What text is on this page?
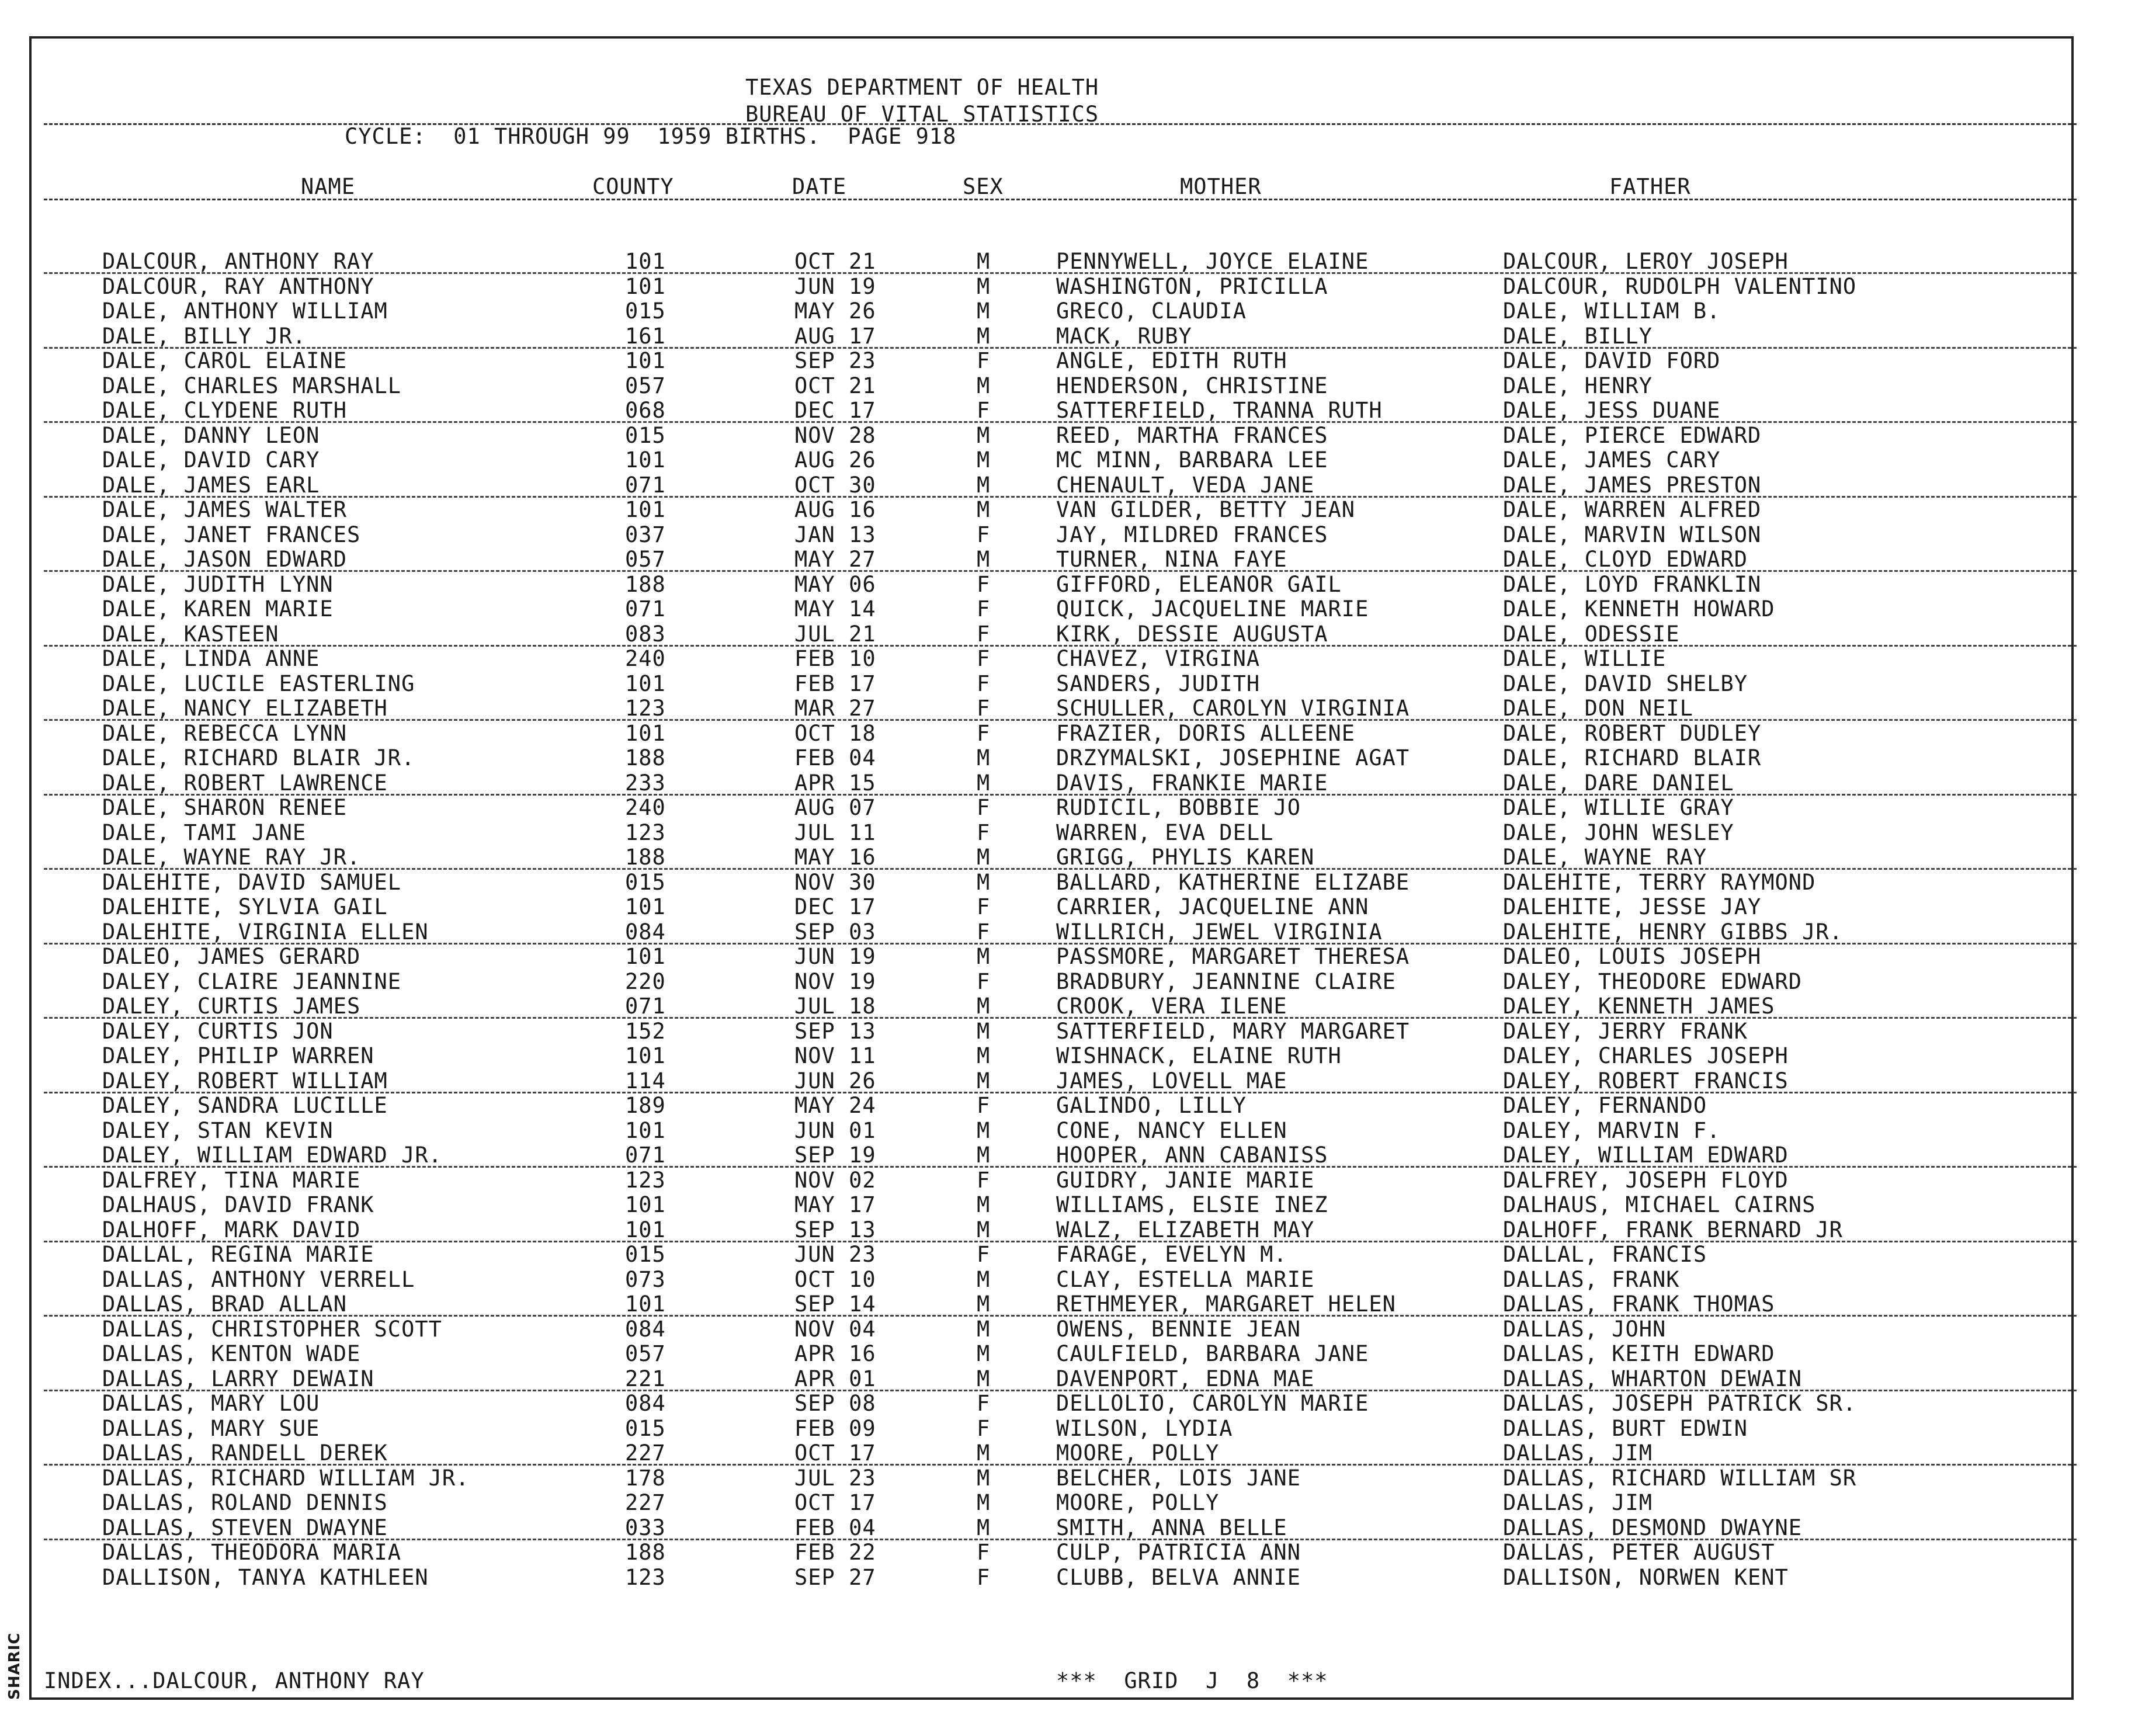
TEXAS DEPARTMENT OF HEALTH
BUREAU OF VITAL STATISTICS
CYCLE:  01 THROUGH 99  1959 BIRTHS.  PAGE 918
NAME	COUNTY	DATE	SEX	MOTHER	FATHER
DALCOUR, ANTHONY RAY	101	OCT 21	M	PENNYWELL, JOYCE ELAINE	DALCOUR, LEROY JOSEPH
DALCOUR, RAY ANTHONY	101	JUN 19	M	WASHINGTON, PRICILLA	DALCOUR, RUDOLPH VALENTINO
DALE, ANTHONY WILLIAM	015	MAY 26	M	GRECO, CLAUDIA	DALE, WILLIAM B.
DALE, BILLY JR.	161	AUG 17	M	MACK, RUBY	DALE, BILLY
DALE, CAROL ELAINE	101	SEP 23	F	ANGLE, EDITH RUTH	DALE, DAVID FORD
DALE, CHARLES MARSHALL	057	OCT 21	M	HENDERSON, CHRISTINE	DALE, HENRY
DALE, CLYDENE RUTH	068	DEC 17	F	SATTERFIELD, TRANNA RUTH	DALE, JESS DUANE
DALE, DANNY LEON	015	NOV 28	M	REED, MARTHA FRANCES	DALE, PIERCE EDWARD
DALE, DAVID CARY	101	AUG 26	M	MC MINN, BARBARA LEE	DALE, JAMES CARY
DALE, JAMES EARL	071	OCT 30	M	CHENAULT, VEDA JANE	DALE, JAMES PRESTON
DALE, JAMES WALTER	101	AUG 16	M	VAN GILDER, BETTY JEAN	DALE, WARREN ALFRED
DALE, JANET FRANCES	037	JAN 13	F	JAY, MILDRED FRANCES	DALE, MARVIN WILSON
DALE, JASON EDWARD	057	MAY 27	M	TURNER, NINA FAYE	DALE, CLOYD EDWARD
DALE, JUDITH LYNN	188	MAY 06	F	GIFFORD, ELEANOR GAIL	DALE, LOYD FRANKLIN
DALE, KAREN MARIE	071	MAY 14	F	QUICK, JACQUELINE MARIE	DALE, KENNETH HOWARD
DALE, KASTEEN	083	JUL 21	F	KIRK, DESSIE AUGUSTA	DALE, ODESSIE
DALE, LINDA ANNE	240	FEB 10	F	CHAVEZ, VIRGINA	DALE, WILLIE
DALE, LUCILE EASTERLING	101	FEB 17	F	SANDERS, JUDITH	DALE, DAVID SHELBY
DALE, NANCY ELIZABETH	123	MAR 27	F	SCHULLER, CAROLYN VIRGINIA	DALE, DON NEIL
DALE, REBECCA LYNN	101	OCT 18	F	FRAZIER, DORIS ALLEENE	DALE, ROBERT DUDLEY
DALE, RICHARD BLAIR JR.	188	FEB 04	M	DRZYMALSKI, JOSEPHINE AGAT	DALE, RICHARD BLAIR
DALE, ROBERT LAWRENCE	233	APR 15	M	DAVIS, FRANKIE MARIE	DALE, DARE DANIEL
DALE, SHARON RENEE	240	AUG 07	F	RUDICIL, BOBBIE JO	DALE, WILLIE GRAY
DALE, TAMI JANE	123	JUL 11	F	WARREN, EVA DELL	DALE, JOHN WESLEY
DALE, WAYNE RAY JR.	188	MAY 16	M	GRIGG, PHYLIS KAREN	DALE, WAYNE RAY
DALEHITE, DAVID SAMUEL	015	NOV 30	M	BALLARD, KATHERINE ELIZABE	DALEHITE, TERRY RAYMOND
DALEHITE, SYLVIA GAIL	101	DEC 17	F	CARRIER, JACQUELINE ANN	DALEHITE, JESSE JAY
DALEHITE, VIRGINIA ELLEN	084	SEP 03	F	WILLRICH, JEWEL VIRGINIA	DALEHITE, HENRY GIBBS JR.
DALEO, JAMES GERARD	101	JUN 19	M	PASSMORE, MARGARET THERESA	DALEO, LOUIS JOSEPH
DALEY, CLAIRE JEANNINE	220	NOV 19	F	BRADBURY, JEANNINE CLAIRE	DALEY, THEODORE EDWARD
DALEY, CURTIS JAMES	071	JUL 18	M	CROOK, VERA ILENE	DALEY, KENNETH JAMES
DALEY, CURTIS JON	152	SEP 13	M	SATTERFIELD, MARY MARGARET	DALEY, JERRY FRANK
DALEY, PHILIP WARREN	101	NOV 11	M	WISHNACK, ELAINE RUTH	DALEY, CHARLES JOSEPH
DALEY, ROBERT WILLIAM	114	JUN 26	M	JAMES, LOVELL MAE	DALEY, ROBERT FRANCIS
DALEY, SANDRA LUCILLE	189	MAY 24	F	GALINDO, LILLY	DALEY, FERNANDO
DALEY, STAN KEVIN	101	JUN 01	M	CONE, NANCY ELLEN	DALEY, MARVIN F.
DALEY, WILLIAM EDWARD JR.	071	SEP 19	M	HOOPER, ANN CABANISS	DALEY, WILLIAM EDWARD
DALFREY, TINA MARIE	123	NOV 02	F	GUIDRY, JANIE MARIE	DALFREY, JOSEPH FLOYD
DALHAUS, DAVID FRANK	101	MAY 17	M	WILLIAMS, ELSIE INEZ	DALHAUS, MICHAEL CAIRNS
DALHOFF, MARK DAVID	101	SEP 13	M	WALZ, ELIZABETH MAY	DALHOFF, FRANK BERNARD JR
DALLAL, REGINA MARIE	015	JUN 23	F	FARAGE, EVELYN M.	DALLAL, FRANCIS
DALLAS, ANTHONY VERRELL	073	OCT 10	M	CLAY, ESTELLA MARIE	DALLAS, FRANK
DALLAS, BRAD ALLAN	101	SEP 14	M	RETHMEYER, MARGARET HELEN	DALLAS, FRANK THOMAS
DALLAS, CHRISTOPHER SCOTT	084	NOV 04	M	OWENS, BENNIE JEAN	DALLAS, JOHN
DALLAS, KENTON WADE	057	APR 16	M	CAULFIELD, BARBARA JANE	DALLAS, KEITH EDWARD
DALLAS, LARRY DEWAIN	221	APR 01	M	DAVENPORT, EDNA MAE	DALLAS, WHARTON DEWAIN
DALLAS, MARY LOU	084	SEP 08	F	DELLOLIO, CAROLYN MARIE	DALLAS, JOSEPH PATRICK SR.
DALLAS, MARY SUE	015	FEB 09	F	WILSON, LYDIA	DALLAS, BURT EDWIN
DALLAS, RANDELL DEREK	227	OCT 17	M	MOORE, POLLY	DALLAS, JIM
DALLAS, RICHARD WILLIAM JR.	178	JUL 23	M	BELCHER, LOIS JANE	DALLAS, RICHARD WILLIAM SR
DALLAS, ROLAND DENNIS	227	OCT 17	M	MOORE, POLLY	DALLAS, JIM
DALLAS, STEVEN DWAYNE	033	FEB 04	M	SMITH, ANNA BELLE	DALLAS, DESMOND DWAYNE
DALLAS, THEODORA MARIA	188	FEB 22	F	CULP, PATRICIA ANN	DALLAS, PETER AUGUST
DALLISON, TANYA KATHLEEN	123	SEP 27	F	CLUBB, BELVA ANNIE	DALLISON, NORWEN KENT
INDEX...DALCOUR, ANTHONY RAY	***  GRID  J  8  ***
SHARIC
